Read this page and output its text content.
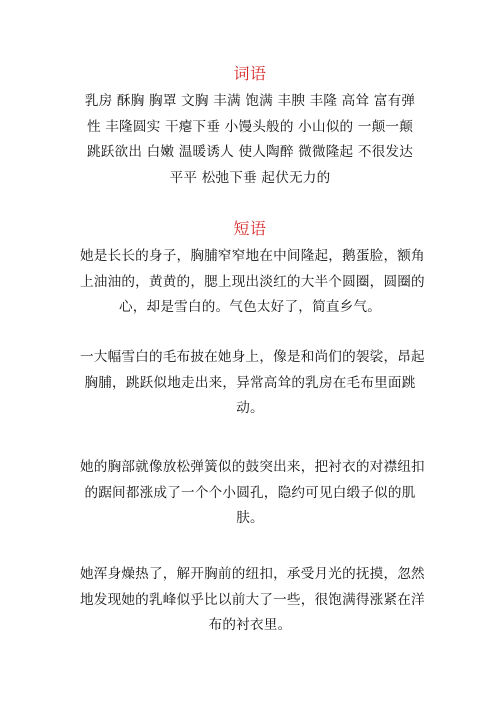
词语
乳房 酥胸 胸罩 文胸 丰满 饱满 丰腴 丰隆 高耸 富有弹
性 丰隆圆实 干瘪下垂 小馒头般的 小山似的 一颠一颠
跳跃欲出 白嫩 温暖诱人 使人陶醉 微微隆起 不很发达
平平 松弛下垂 起伏无力的
短语
她是长长的身子，胸脯窄窄地在中间隆起，鹅蛋脸，额角
上油油的，黄黄的，腮上现出淡红的大半个圆圈，圆圈的
心，却是雪白的。气色太好了，简直乡气。
一大幅雪白的毛布披在她身上，像是和尚们的袈裟，昂起
胸脯，跳跃似地走出来，异常高耸的乳房在毛布里面跳
动。
她的胸部就像放松弹簧似的鼓突出来，把衬衣的对襟纽扣
的踞间都涨成了一个个小圆孔，隐约可见白缎子似的肌
肤。
她浑身燥热了，解开胸前的纽扣，承受月光的抚摸，忽然
地发现她的乳峰似乎比以前大了一些，很饱满得涨紧在洋
布的衬衣里。
